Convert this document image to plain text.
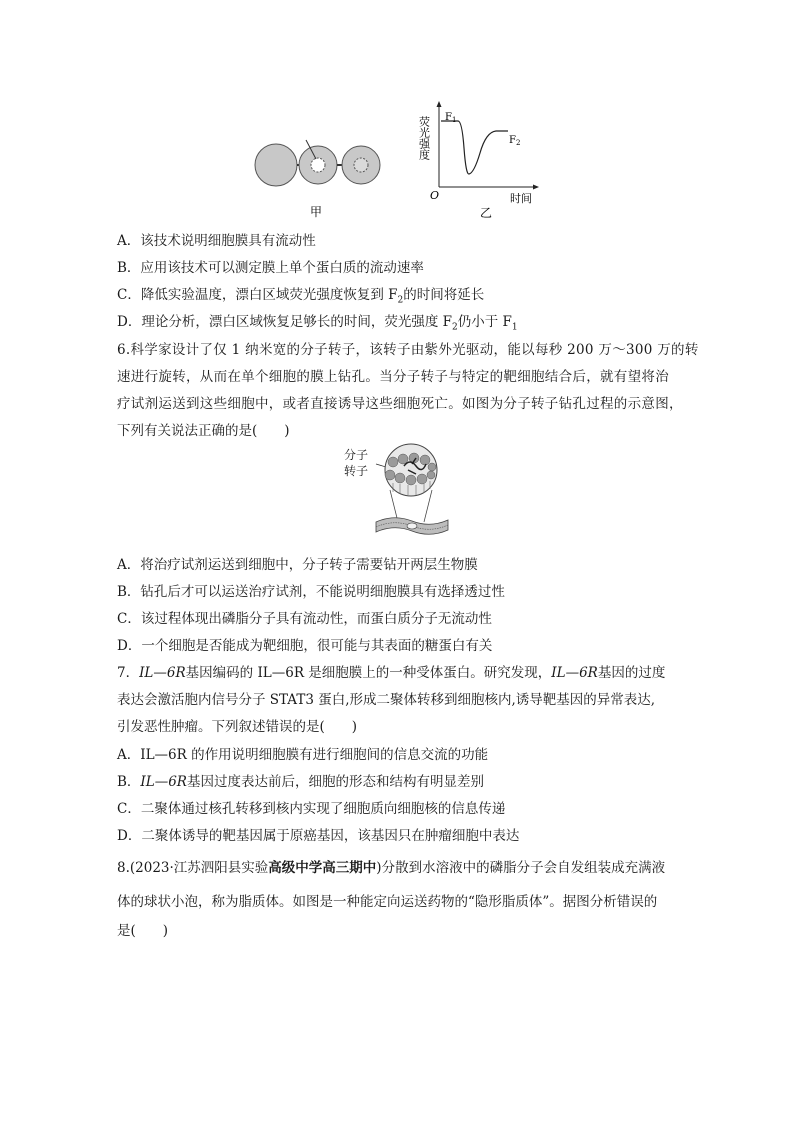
甲
荧光强度 $F_1$
$F_2$
O	时间
乙
A．该技术说明细胞膜具有流动性
B．应用该技术可以测定膜上单个蛋白质的流动速率
C．降低实验温度，漂白区域荧光强度恢复到 $F_2$的时间将延长
D．理论分析，漂白区域恢复足够长的时间，荧光强度 $F_2$仍小于 $F_1$
6.科学家设计了仅 1 纳米宽的分子转子，该转子由紫外光驱动，能以每秒 200 万～300 万的转
速进行旋转，从而在单个细胞的膜上钻孔。当分子转子与特定的靶细胞结合后，就有望将治
疗试剂运送到这些细胞中，或者直接诱导这些细胞死亡。如图为分子转子钻孔过程的示意图，
下列有关说法正确的是(　　)
分子
转子
A．将治疗试剂运送到细胞中，分子转子需要钻开两层生物膜
B．钻孔后才可以运送治疗试剂，不能说明细胞膜具有选择透过性
C．该过程体现出磷脂分子具有流动性，而蛋白质分子无流动性
D．一个细胞是否能成为靶细胞，很可能与其表面的糖蛋白有关
7．IL—6R基因编码的 IL—6R 是细胞膜上的一种受体蛋白。研究发现，IL—6R基因的过度
表达会激活胞内信号分子 STAT3 蛋白,形成二聚体转移到细胞核内,诱导靶基因的异常表达,
引发恶性肿瘤。下列叙述错误的是(　　)
A．IL—6R 的作用说明细胞膜有进行细胞间的信息交流的功能
B．IL—6R基因过度表达前后，细胞的形态和结构有明显差别
C．二聚体通过核孔转移到核内实现了细胞质向细胞核的信息传递
D．二聚体诱导的靶基因属于原癌基因，该基因只在肿瘤细胞中表达
8.(2023·江苏泗阳县实验高级中学高三期中)分散到水溶液中的磷脂分子会自发组装成充满液
体的球状小泡，称为脂质体。如图是一种能定向运送药物的“隐形脂质体”。据图分析错误的
是(　　)
